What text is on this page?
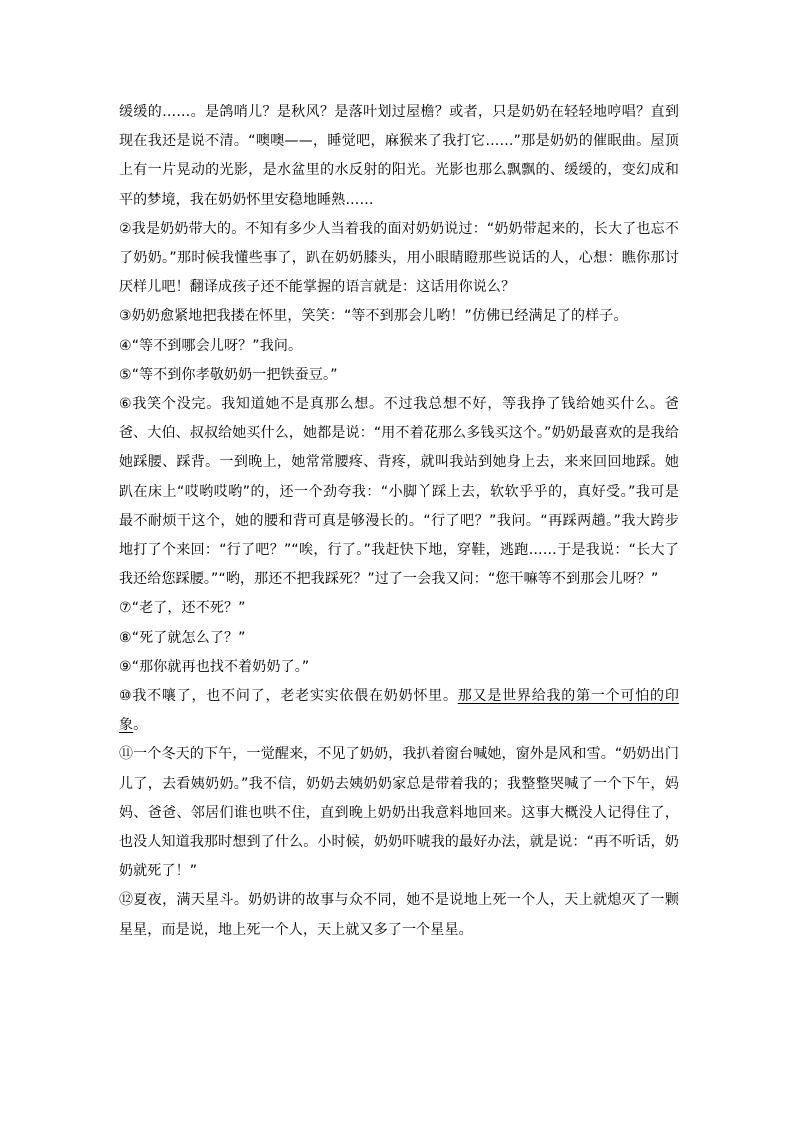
缓缓的……。是鸽哨儿？是秋风？是落叶划过屋檐？或者，只是奶奶在轻轻地哼唱？直到现在我还是说不清。“噢噢——，睡觉吧，麻猴来了我打它……”那是奶奶的催眠曲。屋顶上有一片晃动的光影，是水盆里的水反射的阳光。光影也那么飘飘的、缓缓的，变幻成和平的梦境，我在奶奶怀里安稳地睡熟……

②我是奶奶带大的。不知有多少人当着我的面对奶奶说过：“奶奶带起来的，长大了也忘不了奶奶。”那时候我懂些事了，趴在奶奶膝头，用小眼睛瞪那些说话的人，心想：瞧你那讨厌样儿吧！翻译成孩子还不能掌握的语言就是：这话用你说么？

③奶奶愈紧地把我搂在怀里，笑笑：“等不到那会儿哟！”仿佛已经满足了的样子。

④“等不到哪会儿呀？”我问。

⑤“等不到你孝敬奶奶一把铁蚕豆。”

⑥我笑个没完。我知道她不是真那么想。不过我总想不好，等我挣了钱给她买什么。爸爸、大伯、叔叔给她买什么，她都是说：“用不着花那么多钱买这个。”奶奶最喜欢的是我给她踩腰、踩背。一到晚上，她常常腰疼、背疼，就叫我站到她身上去，来来回回地踩。她趴在床上“哎哟哎哟”的，还一个劲夸我：“小脚丫踩上去，软软乎乎的，真好受。”我可是最不耐烦干这个，她的腰和背可真是够漫长的。“行了吧？”我问。“再踩两趟。”我大跨步地打了个来回：“行了吧？”“唉，行了。”我赶快下地，穿鞋，逃跑……于是我说：“长大了我还给您踩腰。”“哟，那还不把我踩死？”过了一会我又问：“您干嘛等不到那会儿呀？”

⑦“老了，还不死？”

⑧“死了就怎么了？”

⑨“那你就再也找不着奶奶了。”

⑩我不嚷了，也不问了，老老实实依偎在奶奶怀里。那又是世界给我的第一个可怕的印象。

⑪一个冬天的下午，一觉醒来，不见了奶奶，我扒着窗台喊她，窗外是风和雪。“奶奶出门儿了，去看姨奶奶。”我不信，奶奶去姨奶奶家总是带着我的；我整整哭喊了一个下午，妈妈、爸爸、邻居们谁也哄不住，直到晚上奶奶出我意料地回来。这事大概没人记得住了，也没人知道我那时想到了什么。小时候，奶奶吓唬我的最好办法，就是说：“再不听话，奶奶就死了！”

⑫夏夜，满天星斗。奶奶讲的故事与众不同，她不是说地上死一个人，天上就熄灭了一颗星星，而是说，地上死一个人，天上就又多了一个星星。
